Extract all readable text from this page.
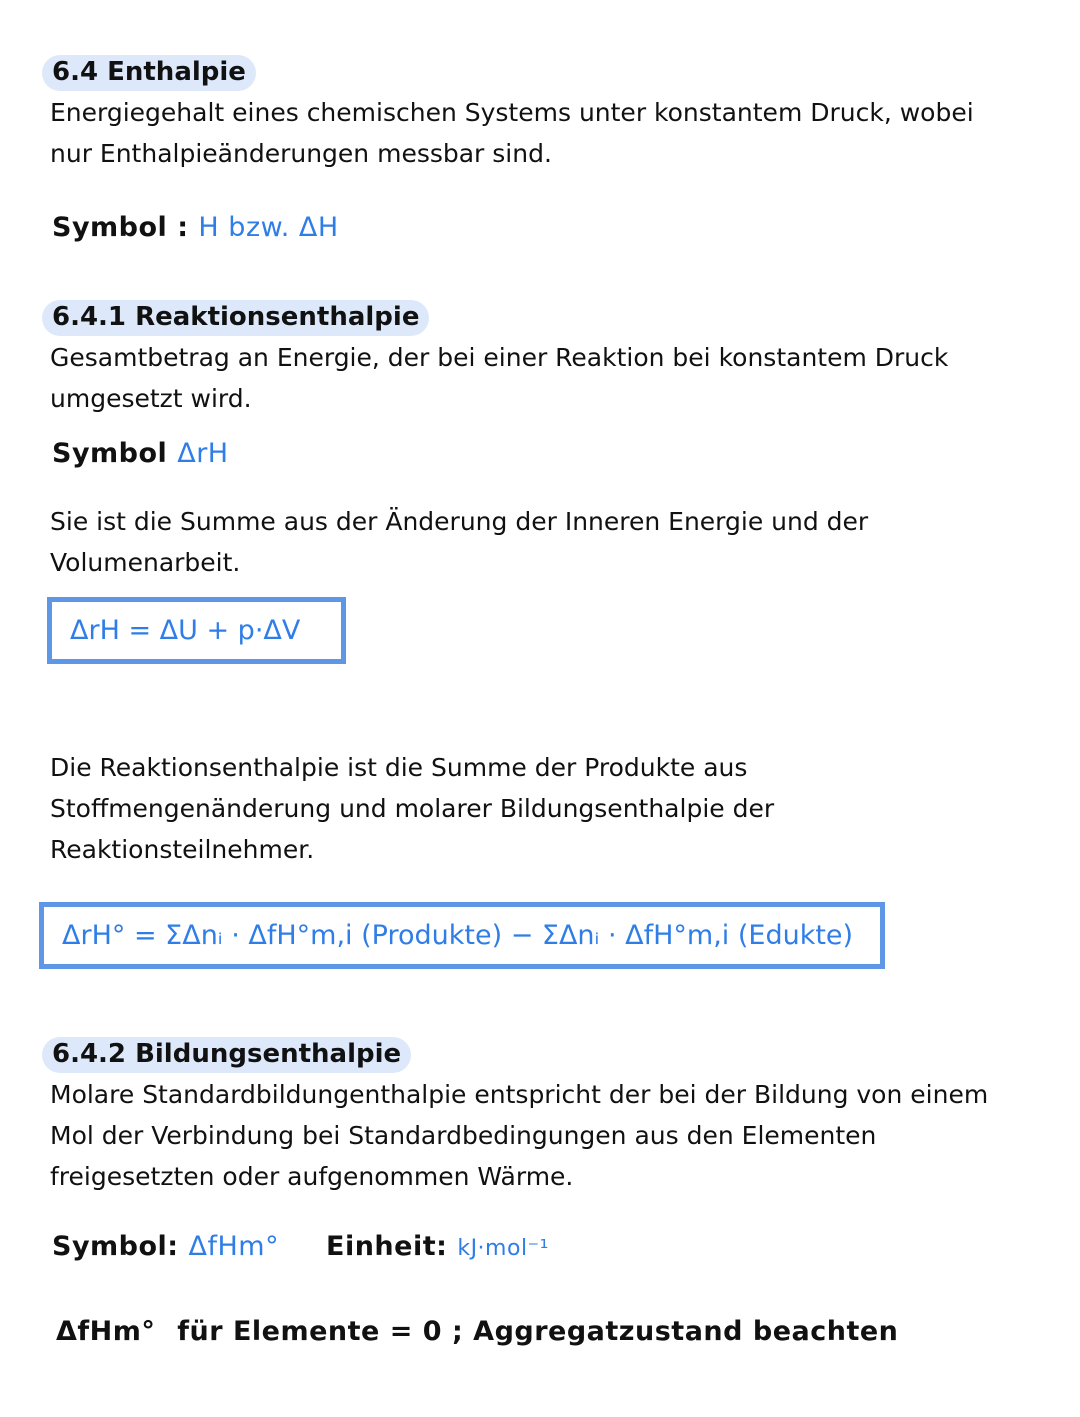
6.4 Enthalpie

Energiegehalt eines chemischen Systems unter konstantem Druck, wobei
nur Enthalpieänderungen messbar sind.

Symbol : H bzw. ΔH
6.4.1 Reaktionsenthalpie

Gesamtbetrag an Energie, der bei einer Reaktion bei konstantem Druck
umgesetzt wird.

Symbol ΔrH

Sie ist die Summe aus der Änderung der Inneren Energie und der
Volumenarbeit.

ΔrH = ΔU + p·ΔV

Die Reaktionsenthalpie ist die Summe der Produkte aus
Stoffmengenänderung und molarer Bildungsenthalpie der
Reaktionsteilnehmer.

ΔrH° = ΣΔnᵢ · ΔfH°m,i (Produkte) − ΣΔnᵢ · ΔfH°m,i (Edukte)
6.4.2 Bildungsenthalpie

Molare Standardbildungenthalpie entspricht der bei der Bildung von einem
Mol der Verbindung bei Standardbedingungen aus den Elementen
freigesetzten oder aufgenommen Wärme.

Symbol: ΔfHm° Einheit: kJ·mol⁻¹
ΔfHm° für Elemente = 0 ; Aggregatzustand beachten
